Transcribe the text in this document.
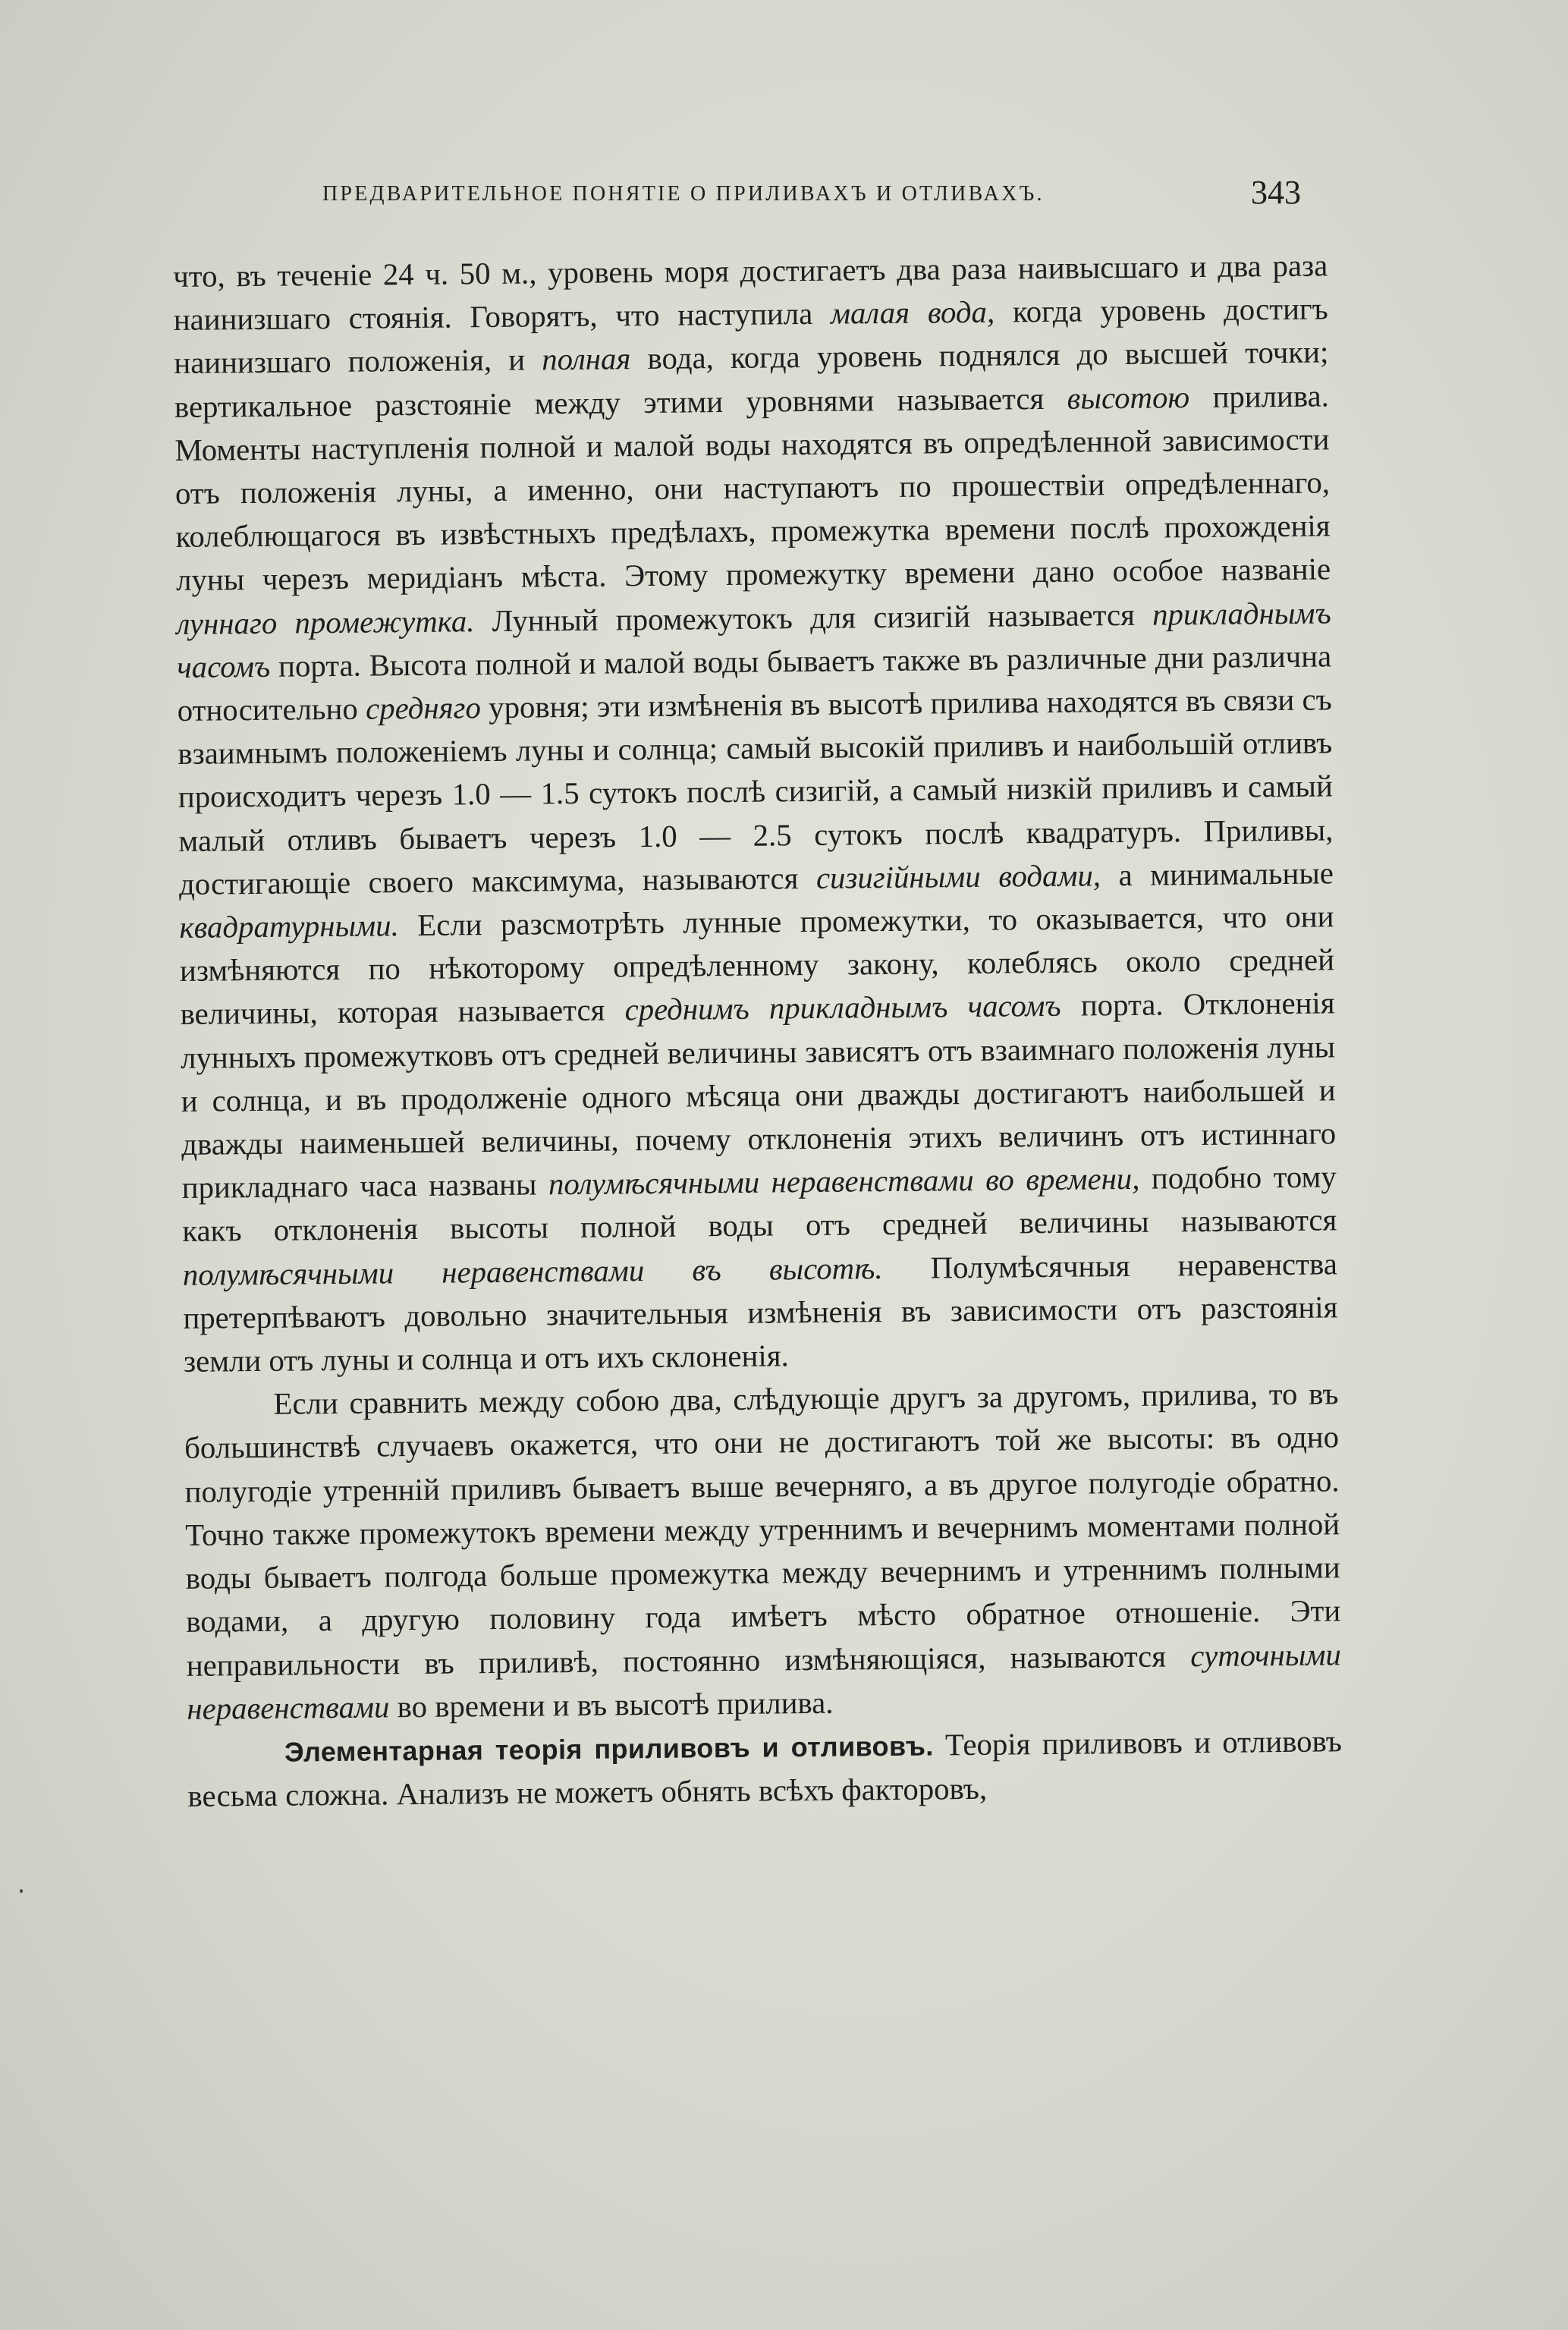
ПРЕДВАРИТЕЛЬНОЕ ПОНЯТІЕ О ПРИЛИВАХЪ И ОТЛИВАХЪ.	343

что, въ теченіе 24 ч. 50 м., уровень моря достигаетъ два раза наивысшаго и два раза наинизшаго стоянія. Говорятъ, что наступила малая вода, когда уровень достигъ наинизшаго положенія, и полная вода, когда уровень поднялся до высшей точки; вертикальное разстояніе между этими уровнями называется высотою прилива. Моменты наступленія полной и малой воды находятся въ опредѣленной зависимости отъ положенія луны, а именно, они наступаютъ по прошествіи опредѣленнаго, колеблющагося въ извѣстныхъ предѣлахъ, промежутка времени послѣ прохожденія луны черезъ меридіанъ мѣста. Этому промежутку времени дано особое названіе луннаго промежутка. Лунный промежутокъ для сизигій называется прикладнымъ часомъ порта. Высота полной и малой воды бываетъ также въ различные дни различна относительно средняго уровня; эти измѣненія въ высотѣ прилива находятся въ связи съ взаимнымъ положеніемъ луны и солнца; самый высокій приливъ и наибольшій отливъ происходитъ черезъ 1.0 — 1.5 сутокъ послѣ сизигій, а самый низкій приливъ и самый малый отливъ бываетъ черезъ 1.0 — 2.5 сутокъ послѣ квадратуръ. Приливы, достигающіе своего максимума, называются сизигійными водами, а минимальные квадратурными. Если разсмотрѣть лунные промежутки, то оказывается, что они измѣняются по нѣкоторому опредѣленному закону, колеблясь около средней величины, которая называется среднимъ прикладнымъ часомъ порта. Отклоненія лунныхъ промежутковъ отъ средней величины зависятъ отъ взаимнаго положенія луны и солнца, и въ продолженіе одного мѣсяца они дважды достигаютъ наибольшей и дважды наименьшей величины, почему отклоненія этихъ величинъ отъ истиннаго прикладнаго часа названы полумѣсячными неравенствами во времени, подобно тому какъ отклоненія высоты полной воды отъ средней величины называются полумѣсячными неравенствами въ высотѣ. Полумѣсячныя неравенства претерпѣваютъ довольно значительныя измѣненія въ зависимости отъ разстоянія земли отъ луны и солнца и отъ ихъ склоненія.

Если сравнить между собою два, слѣдующіе другъ за другомъ, прилива, то въ большинствѣ случаевъ окажется, что они не достигаютъ той же высоты: въ одно полугодіе утренній приливъ бываетъ выше вечерняго, а въ другое полугодіе обратно. Точно также промежутокъ времени между утреннимъ и вечернимъ моментами полной воды бываетъ полгода больше промежутка между вечернимъ и утреннимъ полными водами, а другую половину года имѣетъ мѣсто обратное отношеніе. Эти неправильности въ приливѣ, постоянно измѣняющіяся, называются суточными неравенствами во времени и въ высотѣ прилива.

Элементарная теорія приливовъ и отливовъ. Теорія приливовъ и отливовъ весьма сложна. Анализъ не можетъ обнять всѣхъ факторовъ,
